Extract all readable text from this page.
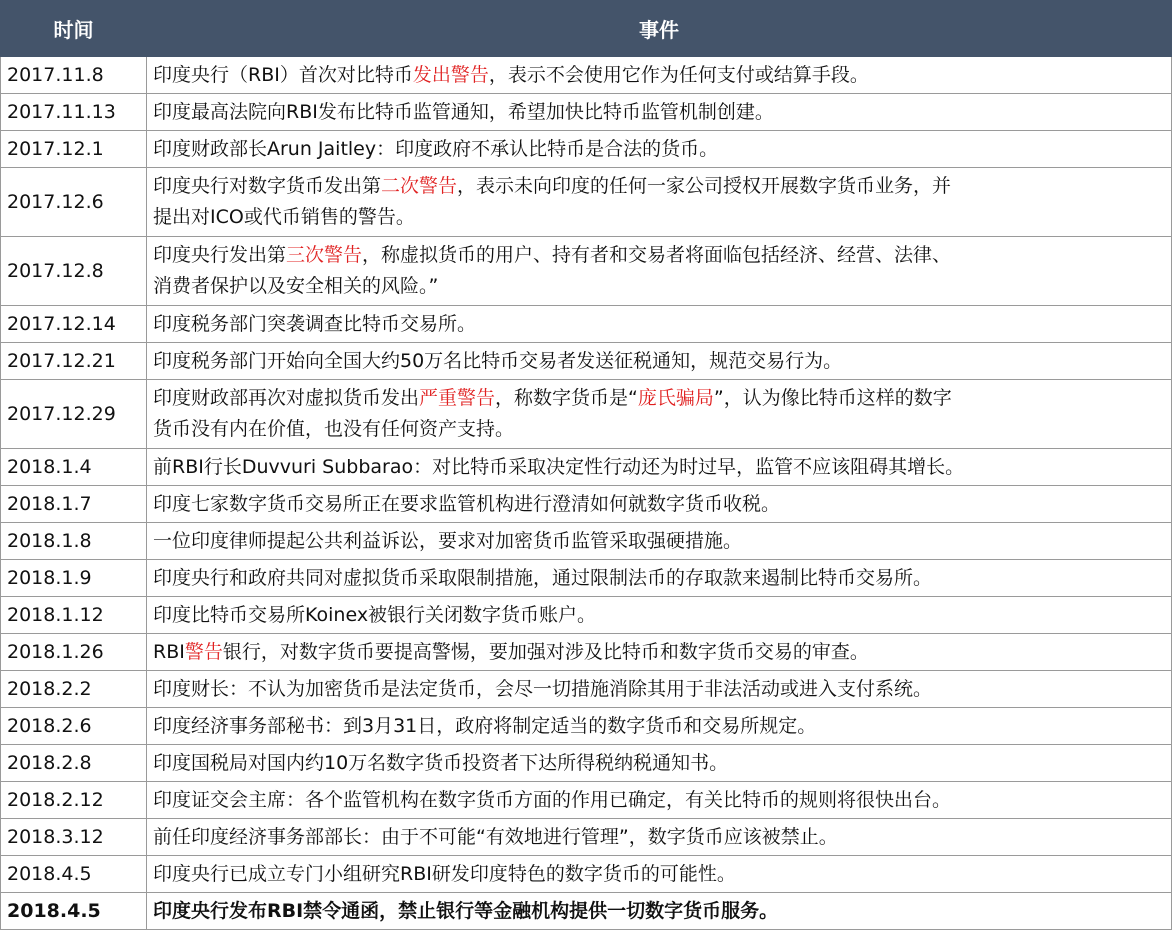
时间	事件
2017.11.8	印度央行（RBI）首次对比特币发出警告，表示不会使用它作为任何支付或结算手段。
2017.11.13	印度最高法院向RBI发布比特币监管通知，希望加快比特币监管机制创建。
2017.12.1	印度财政部长Arun Jaitley：印度政府不承认比特币是合法的货币。
2017.12.6	印度央行对数字货币发出第二次警告，表示未向印度的任何一家公司授权开展数字货币业务，并
提出对ICO或代币销售的警告。
2017.12.8	印度央行发出第三次警告，称虚拟货币的用户、持有者和交易者将面临包括经济、经营、法律、
消费者保护以及安全相关的风险。”
2017.12.14	印度税务部门突袭调查比特币交易所。
2017.12.21	印度税务部门开始向全国大约50万名比特币交易者发送征税通知，规范交易行为。
2017.12.29	印度财政部再次对虚拟货币发出严重警告，称数字货币是“庞氏骗局”，认为像比特币这样的数字
货币没有内在价值，也没有任何资产支持。
2018.1.4	前RBI行长Duvvuri Subbarao：对比特币采取决定性行动还为时过早，监管不应该阻碍其增长。
2018.1.7	印度七家数字货币交易所正在要求监管机构进行澄清如何就数字货币收税。
2018.1.8	一位印度律师提起公共利益诉讼，要求对加密货币监管采取强硬措施。
2018.1.9	印度央行和政府共同对虚拟货币采取限制措施，通过限制法币的存取款来遏制比特币交易所。
2018.1.12	印度比特币交易所Koinex被银行关闭数字货币账户。
2018.1.26	RBI警告银行，对数字货币要提高警惕，要加强对涉及比特币和数字货币交易的审查。
2018.2.2	印度财长：不认为加密货币是法定货币，会尽一切措施消除其用于非法活动或进入支付系统。
2018.2.6	印度经济事务部秘书：到3月31日，政府将制定适当的数字货币和交易所规定。
2018.2.8	印度国税局对国内约10万名数字货币投资者下达所得税纳税通知书。
2018.2.12	印度证交会主席：各个监管机构在数字货币方面的作用已确定，有关比特币的规则将很快出台。
2018.3.12	前任印度经济事务部部长：由于不可能“有效地进行管理”，数字货币应该被禁止。
2018.4.5	印度央行已成立专门小组研究RBI研发印度特色的数字货币的可能性。
2018.4.5	印度央行发布RBI禁令通函，禁止银行等金融机构提供一切数字货币服务。
